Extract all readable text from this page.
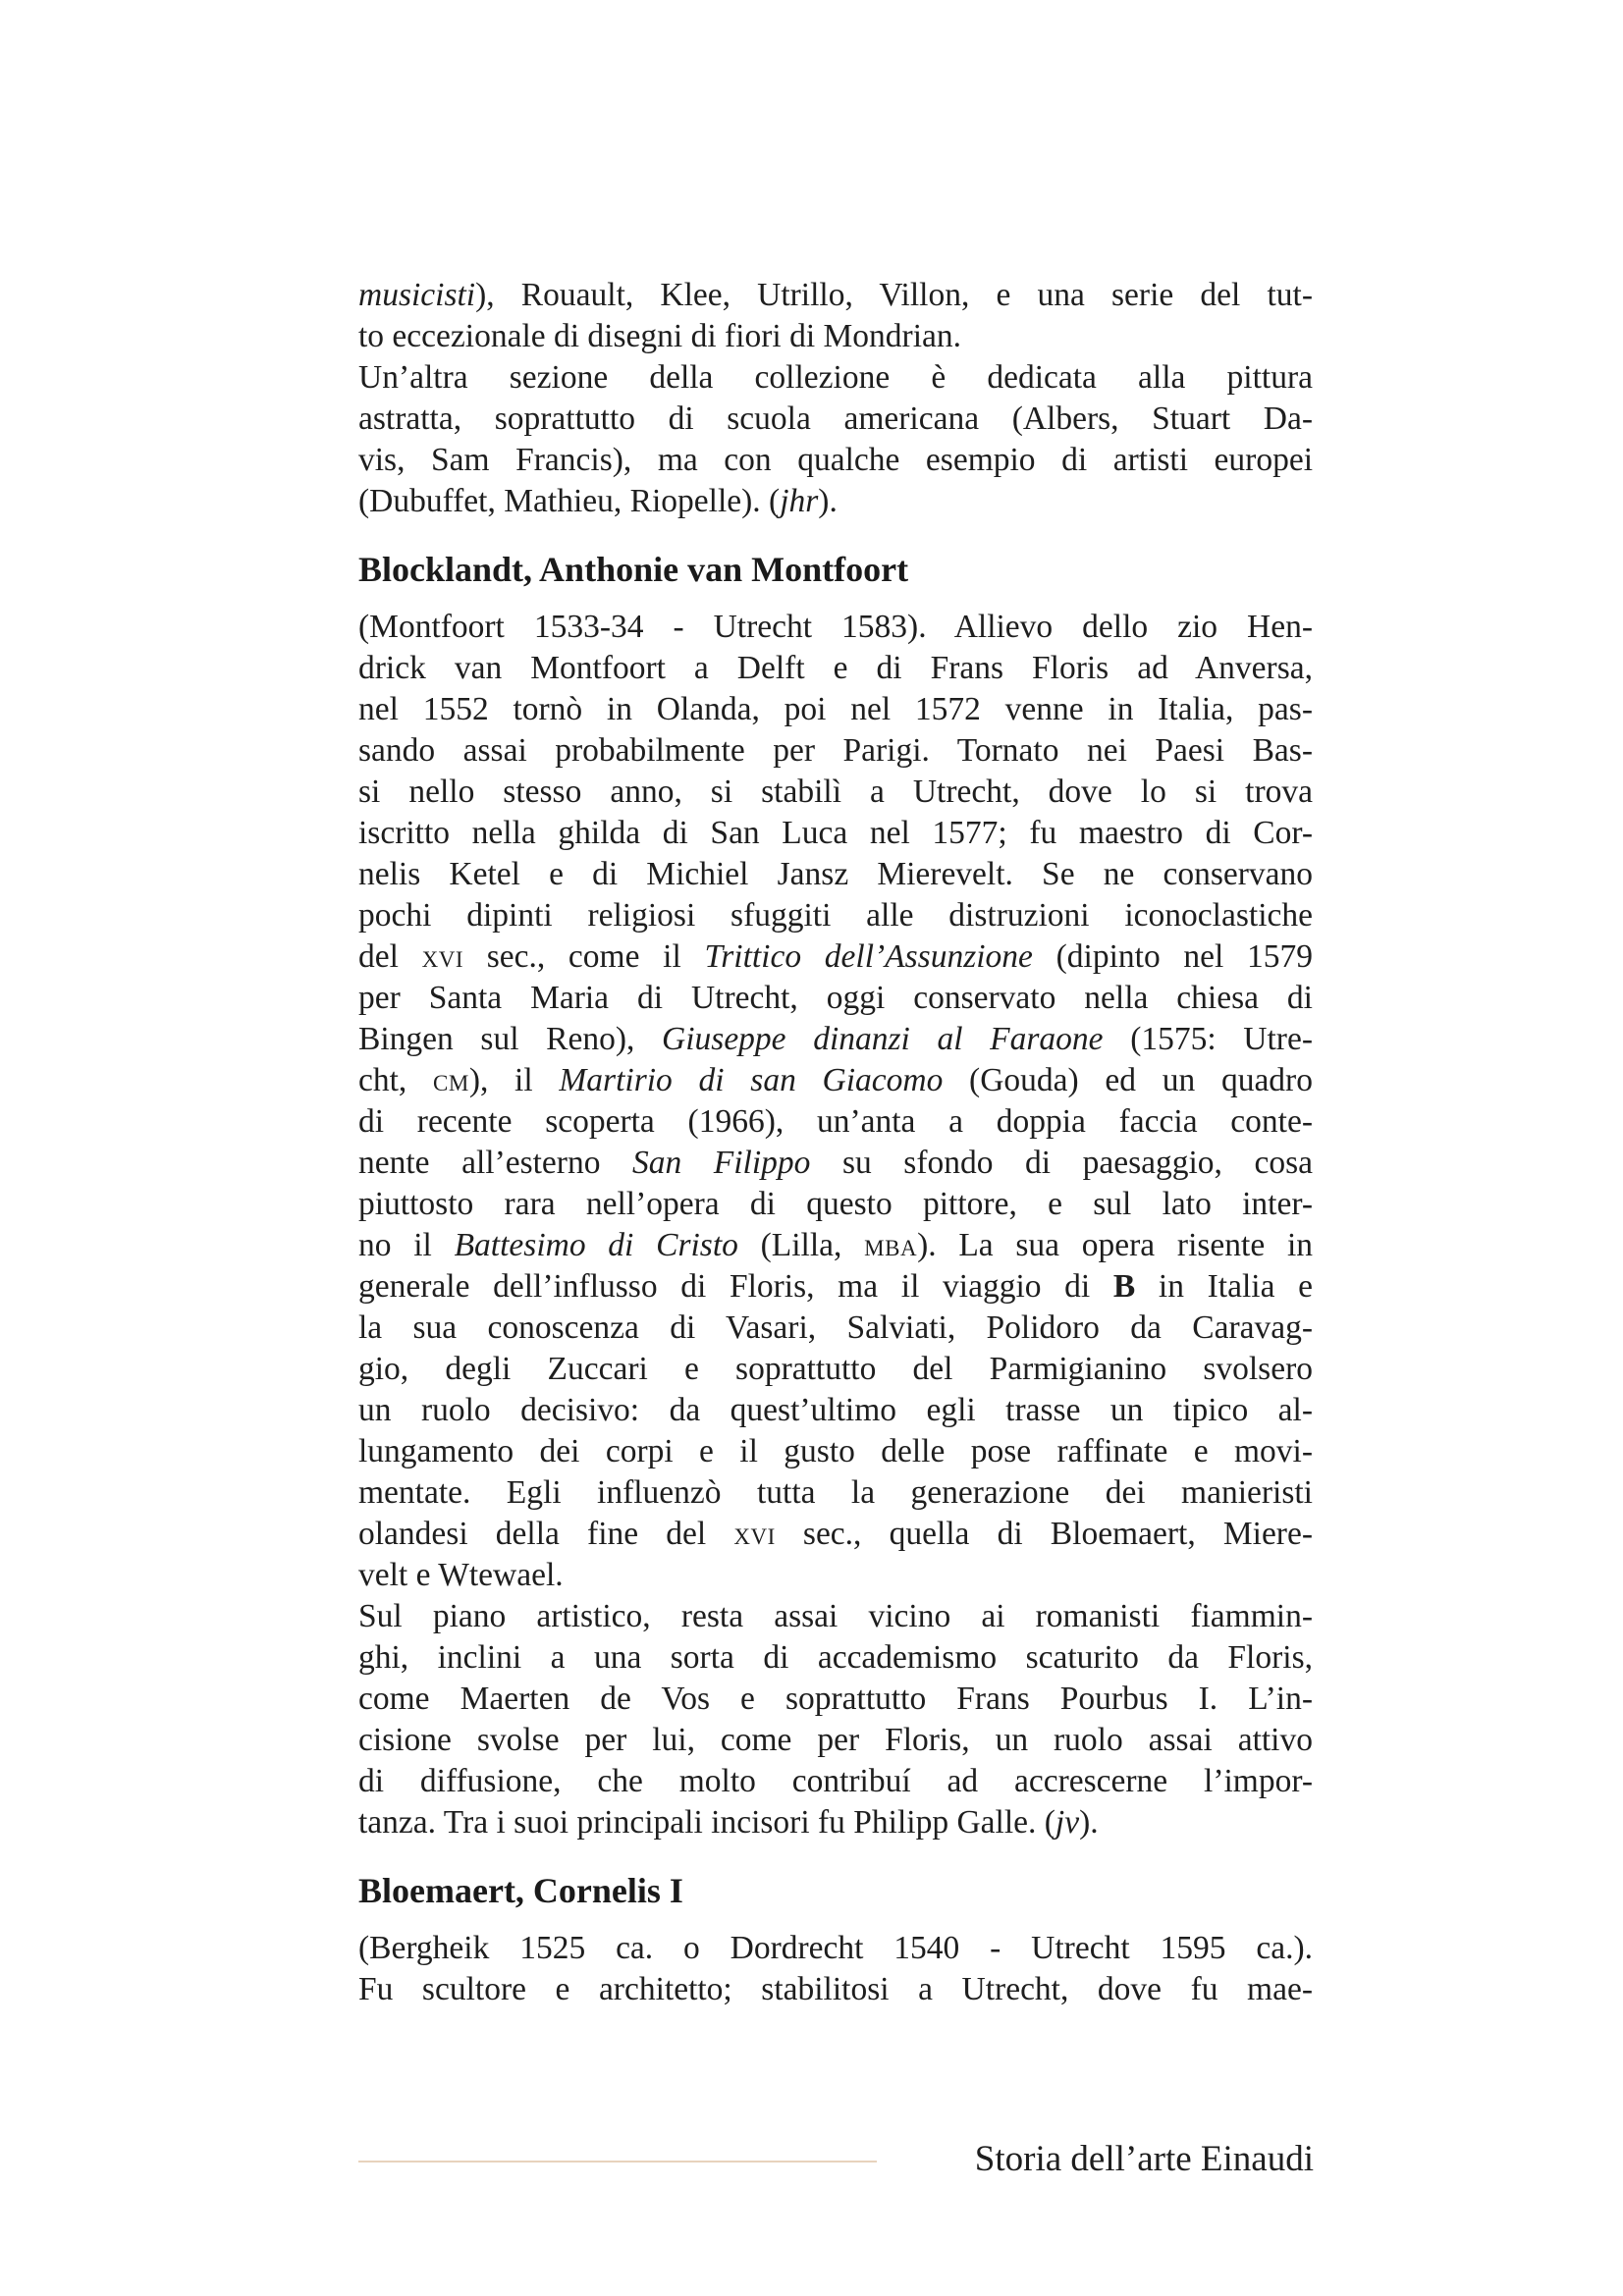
musicisti), Rouault, Klee, Utrillo, Villon, e una serie del tut-
to eccezionale di disegni di fiori di Mondrian.
Un’altra sezione della collezione è dedicata alla pittura
astratta, soprattutto di scuola americana (Albers, Stuart Da-
vis, Sam Francis), ma con qualche esempio di artisti europei
(Dubuffet, Mathieu, Riopelle). (jhr).
Blocklandt, Anthonie van Montfoort
(Montfoort 1533-34 - Utrecht 1583). Allievo dello zio Hen-
drick van Montfoort a Delft e di Frans Floris ad Anversa,
nel 1552 tornò in Olanda, poi nel 1572 venne in Italia, pas-
sando assai probabilmente per Parigi. Tornato nei Paesi Bas-
si nello stesso anno, si stabilì a Utrecht, dove lo si trova
iscritto nella ghilda di San Luca nel 1577; fu maestro di Cor-
nelis Ketel e di Michiel Jansz Mierevelt. Se ne conservano
pochi dipinti religiosi sfuggiti alle distruzioni iconoclastiche
del xvi sec., come il Trittico dell’Assunzione (dipinto nel 1579
per Santa Maria di Utrecht, oggi conservato nella chiesa di
Bingen sul Reno), Giuseppe dinanzi al Faraone (1575: Utre-
cht, cm), il Martirio di san Giacomo (Gouda) ed un quadro
di recente scoperta (1966), un’anta a doppia faccia conte-
nente all’esterno San Filippo su sfondo di paesaggio, cosa
piuttosto rara nell’opera di questo pittore, e sul lato inter-
no il Battesimo di Cristo (Lilla, mba). La sua opera risente in
generale dell’influsso di Floris, ma il viaggio di B in Italia e
la sua conoscenza di Vasari, Salviati, Polidoro da Caravag-
gio, degli Zuccari e soprattutto del Parmigianino svolsero
un ruolo decisivo: da quest’ultimo egli trasse un tipico al-
lungamento dei corpi e il gusto delle pose raffinate e movi-
mentate. Egli influenzò tutta la generazione dei manieristi
olandesi della fine del xvi sec., quella di Bloemaert, Miere-
velt e Wtewael.
Sul piano artistico, resta assai vicino ai romanisti fiammin-
ghi, inclini a una sorta di accademismo scaturito da Floris,
come Maerten de Vos e soprattutto Frans Pourbus I. L’in-
cisione svolse per lui, come per Floris, un ruolo assai attivo
di diffusione, che molto contribuí ad accrescerne l’impor-
tanza. Tra i suoi principali incisori fu Philipp Galle. (jv).
Bloemaert, Cornelis I
(Bergheik 1525 ca. o Dordrecht 1540 - Utrecht 1595 ca.).
Fu scultore e architetto; stabilitosi a Utrecht, dove fu mae-
Storia dell’arte Einaudi
